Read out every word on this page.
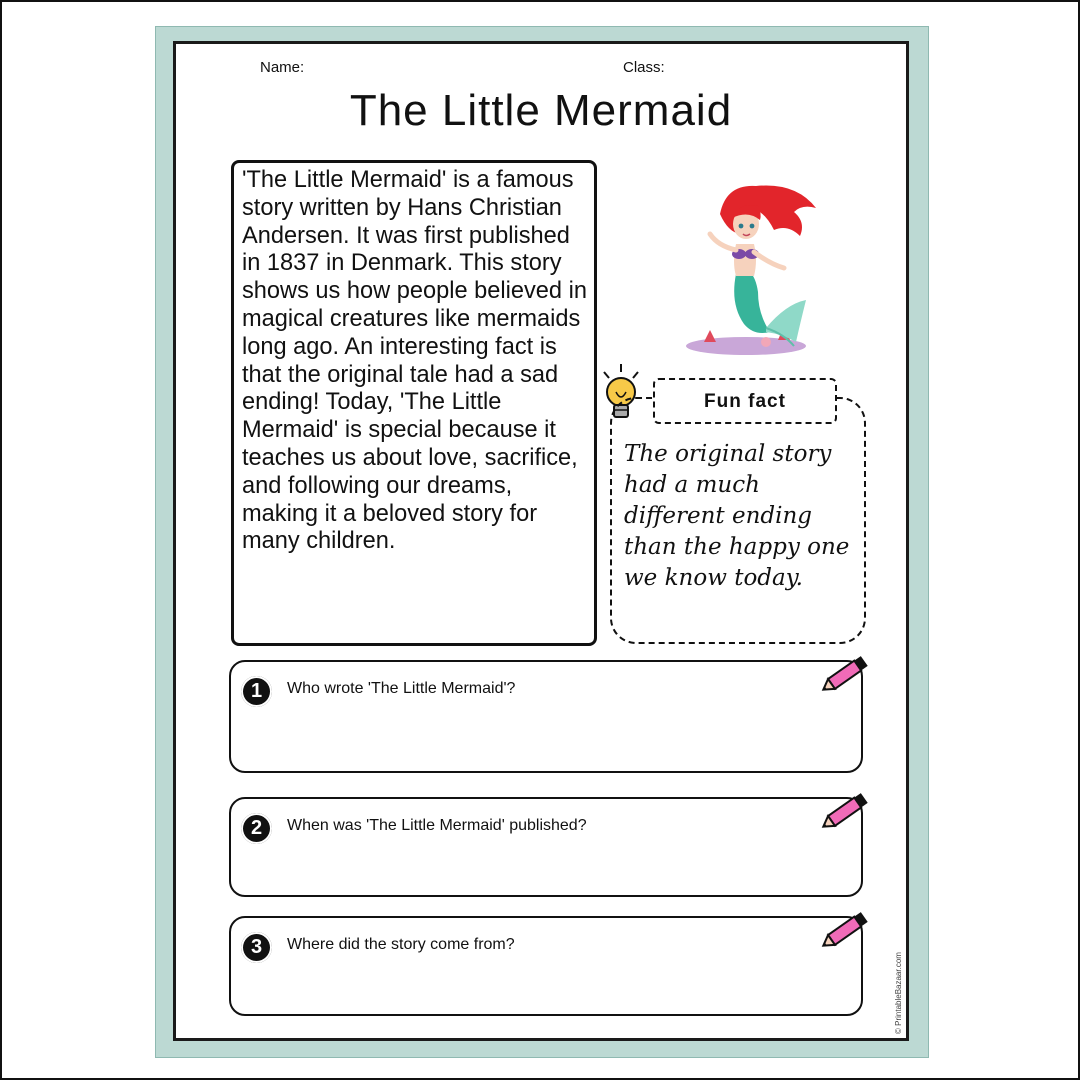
Name:	Class:
The Little Mermaid
'The Little Mermaid' is a famous story written by Hans Christian Andersen. It was first published in 1837 in Denmark. This story shows us how people believed in magical creatures like mermaids long ago. An interesting fact is that the original tale had a sad ending! Today, 'The Little Mermaid' is special because it teaches us about love, sacrifice, and following our dreams, making it a beloved story for many children.
Fun fact
The original story had a much different ending than the happy one we know today.
1	Who wrote 'The Little Mermaid'?
2	When was 'The Little Mermaid' published?
3	Where did the story come from?
© PrintableBazaar.com
